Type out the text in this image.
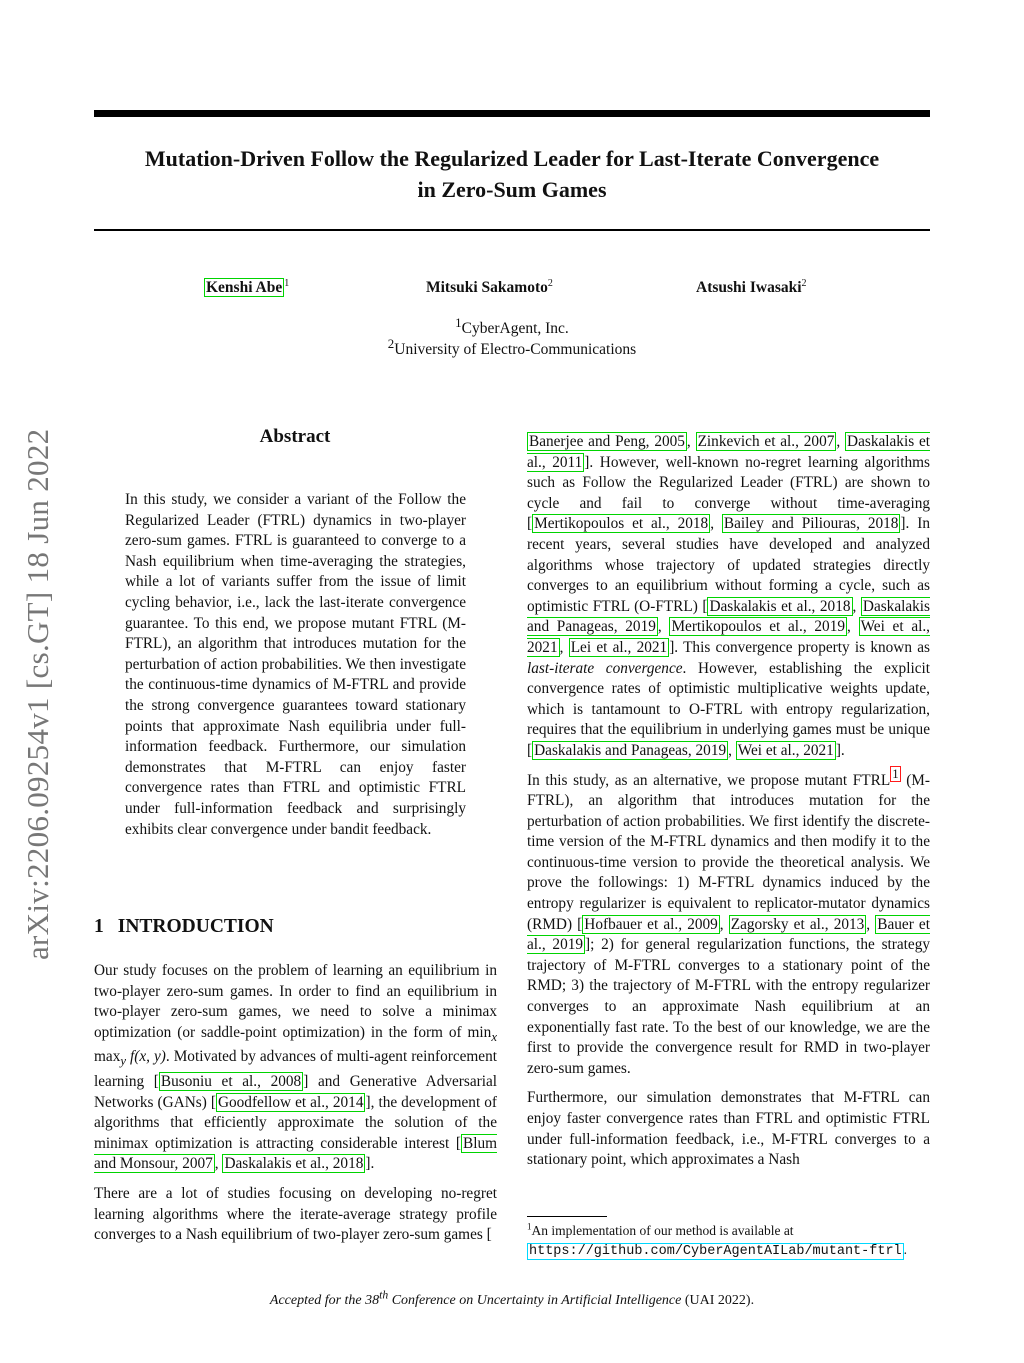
Mutation-Driven Follow the Regularized Leader for Last-Iterate Convergence
in Zero-Sum Games
Kenshi Abe $^1$	Mitsuki Sakamoto$^2$	Atsushi Iwasaki$^2$
$^1$CyberAgent, Inc.
$^2$University of Electro-Communications
arXiv:2206.09254v1 [cs.GT] 18 Jun 2022	Abstract
In this study, we consider a variant of the Follow the Regularized Leader (FTRL) dynamics in two-player zero-sum games. FTRL is guaranteed to converge to a Nash equilibrium when time-averaging the strategies, while a lot of variants suffer from the issue of limit cycling behavior, i.e., lack the last-iterate convergence guarantee. To this end, we propose mutant FTRL (M-FTRL), an algorithm that introduces mutation for the perturbation of action probabilities. We then investigate the continuous-time dynamics of M-FTRL and provide the strong convergence guarantees toward stationary points that approximate Nash equilibria under full-information feedback. Furthermore, our simulation demonstrates that M-FTRL can enjoy faster convergence rates than FTRL and optimistic FTRL under full-information feedback and surprisingly exhibits clear convergence under bandit feedback.
1 INTRODUCTION

Our study focuses on the problem of learning an equilibrium in two-player zero-sum games. In order to find an equilibrium in two-player zero-sum games, we need to solve a minimax optimization (or saddle-point optimization) in the form of $\min_x \max_y f(x$, y). Motivated by advances of multi-agent reinforcement learning [ Busoniu et al., 2008 ] and Generative Adversarial Networks (GANs) [ Goodfellow et al., 2014 ], the development of algorithms that efficiently approximate the solution of the minimax optimization is attracting considerable interest [ Blum and Monsour, 2007 , Daskalakis et al., 2018 ].

There are a lot of studies focusing on developing no-regret learning algorithms where the iterate-average strategy profile converges to a Nash equilibrium of two-player zero-sum games [

Banerjee and Peng, 2005 , Zinkevich et al., 2007 , Daskalakis et al., 2011 ]. However, well-known no-regret learning algorithms such as Follow the Regularized Leader (FTRL) are shown to cycle and fail to converge without time-averaging [ Mertikopoulos et al., 2018 , Bailey and Piliouras, 2018 ]. In recent years, several studies have developed and analyzed algorithms whose trajectory of updated strategies directly converges to an equilibrium without forming a cycle, such as optimistic FTRL (O-FTRL) [ Daskalakis et al., 2018 , Daskalakis and Panageas, 2019 , Mertikopoulos et al., 2019 , Wei et al., 2021 , Lei et al., 2021 ]. This convergence property is known as last-iterate convergence. However, establishing the explicit convergence rates of optimistic multiplicative weights update, which is tantamount to O-FTRL with entropy regularization, requires that the equilibrium in underlying games must be unique [ Daskalakis and Panageas, 2019 , Wei et al., 2021 ].

In this study, as an alternative, we propose mutant FTRL $^1$ (M-FTRL), an algorithm that introduces mutation for the perturbation of action probabilities. We first identify the discrete-time version of the M-FTRL dynamics and then modify it to the continuous-time version to provide the theoretical analysis. We prove the followings: 1) M-FTRL dynamics induced by the entropy regularizer is equivalent to replicator-mutator dynamics (RMD) [ Hofbauer et al., 2009 , Zagorsky et al., 2013 , Bauer et al., 2019 ]; 2) for general regularization functions, the strategy trajectory of M-FTRL converges to a stationary point of the RMD; 3) the trajectory of M-FTRL with the entropy regularizer converges to an approximate Nash equilibrium at an exponentially fast rate. To the best of our knowledge, we are the first to provide the convergence result for RMD in two-player zero-sum games.

Furthermore, our simulation demonstrates that M-FTRL can enjoy faster convergence rates than FTRL and optimistic FTRL under full-information feedback, i.e., M-FTRL converges to a stationary point, which approximates a Nash

$^1$An implementation of our method is available at https://github.com/CyberAgentAILab/mutant-ftrl .
Accepted for the 38th Conference on Uncertainty in Artificial Intelligence (UAI 2022).
